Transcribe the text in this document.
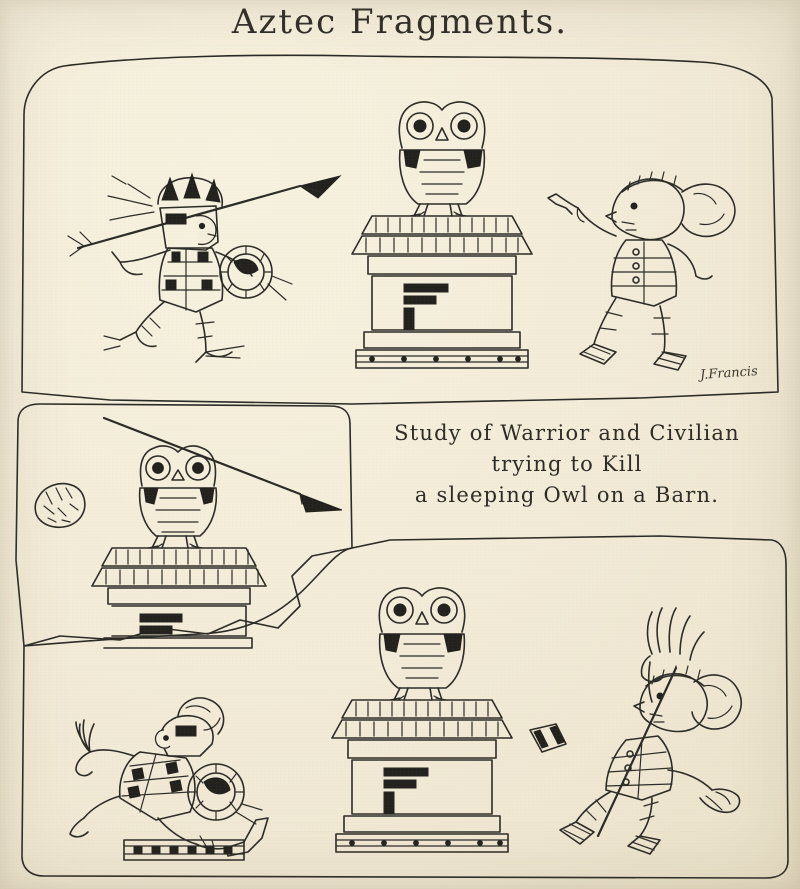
Aztec Fragments.
Study of Warrior and Civilian
trying to Kill
a sleeping Owl on a Barn.
J.Francis
